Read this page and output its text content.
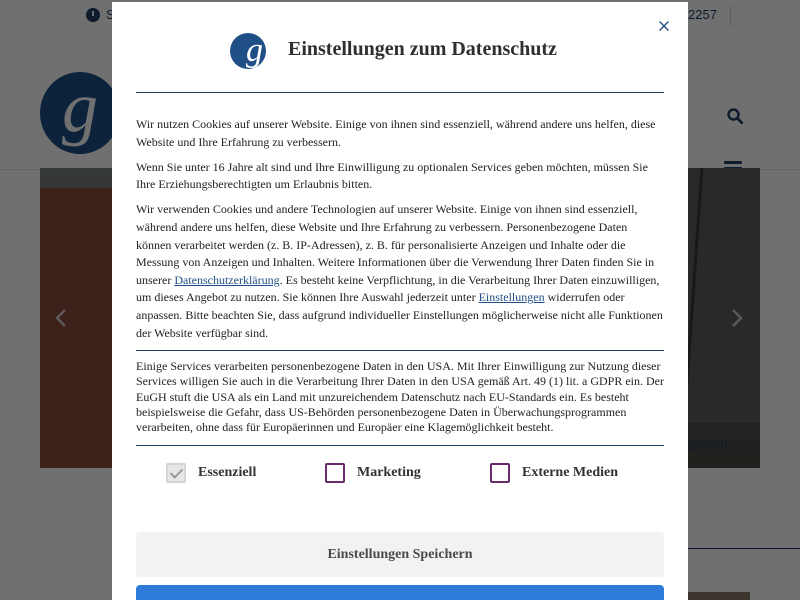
g Einstellungen zum Datenschutz

Wir nutzen Cookies auf unserer Website. Einige von ihnen sind essenziell, während andere uns helfen, diese Website und Ihre Erfahrung zu verbessern.

Wenn Sie unter 16 Jahre alt sind und Ihre Einwilligung zu optionalen Services geben möchten, müssen Sie Ihre Erziehungsberechtigten um Erlaubnis bitten.

Wir verwenden Cookies und andere Technologien auf unserer Website. Einige von ihnen sind essenziell, während andere uns helfen, diese Website und Ihre Erfahrung zu verbessern. Personenbezogene Daten können verarbeitet werden (z. B. IP-Adressen), z. B. für personalisierte Anzeigen und Inhalte oder die Messung von Anzeigen und Inhalten. Weitere Informationen über die Verwendung Ihrer Daten finden Sie in unserer Datenschutzerklärung. Es besteht keine Verpflichtung, in die Verarbeitung Ihrer Daten einzuwilligen, um dieses Angebot zu nutzen. Sie können Ihre Auswahl jederzeit unter Einstellungen widerrufen oder anpassen. Bitte beachten Sie, dass aufgrund individueller Einstellungen möglicherweise nicht alle Funktionen der Website verfügbar sind.

Einige Services verarbeiten personenbezogene Daten in den USA. Mit Ihrer Einwilligung zur Nutzung dieser Services willigen Sie auch in die Verarbeitung Ihrer Daten in den USA gemäß Art. 49 (1) lit. a GDPR ein. Der EuGH stuft die USA als ein Land mit unzureichendem Datenschutz nach EU-Standards ein. Es besteht beispielsweise die Gefahr, dass US-Behörden personenbezogene Daten in Überwachungsprogrammen verarbeiten, ohne dass für Europäerinnen und Europäer eine Klagemöglichkeit besteht.
Essenziell	Marketing	Externe Medien
Einstellungen Speichern
